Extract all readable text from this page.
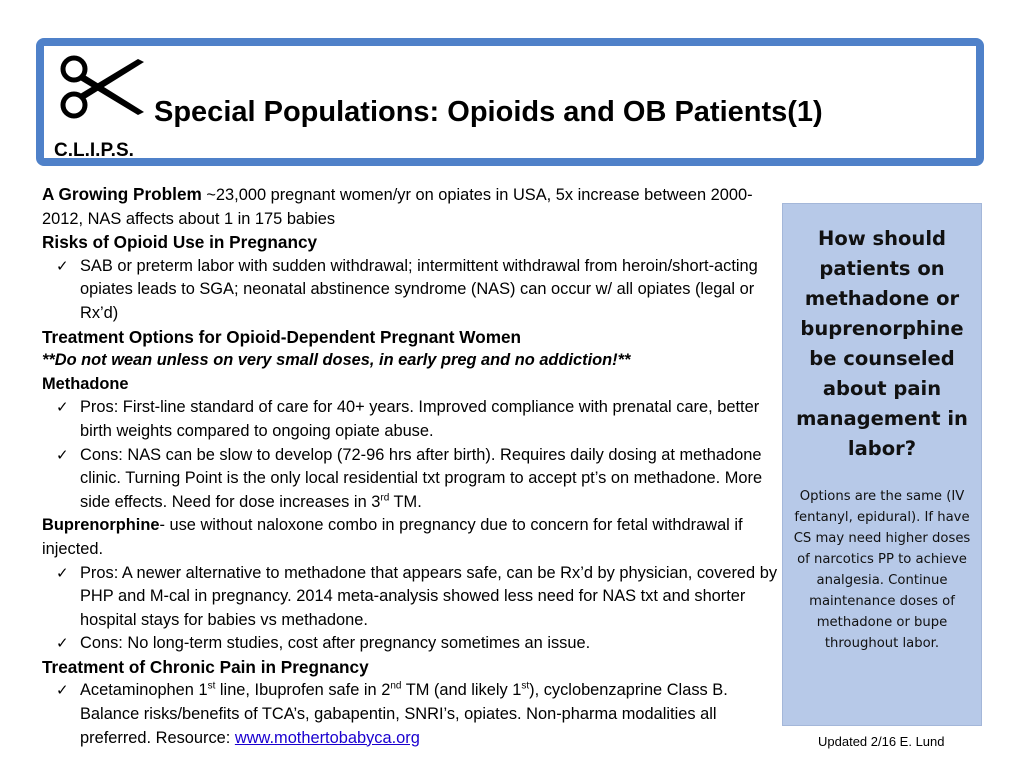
Special Populations: Opioids and OB Patients(1)
C.L.I.P.S.

A Growing Problem ~23,000 pregnant women/yr on opiates in USA, 5x increase between 2000-2012, NAS affects about 1 in 175 babies

Risks of Opioid Use in Pregnancy

✓ SAB or preterm labor with sudden withdrawal; intermittent withdrawal from heroin/short-acting opiates leads to SGA; neonatal abstinence syndrome (NAS) can occur w/ all opiates (legal or Rx’d)

Treatment Options for Opioid-Dependent Pregnant Women

**Do not wean unless on very small doses, in early preg and no addiction!**

Methadone

✓ Pros: First-line standard of care for 40+ years. Improved compliance with prenatal care, better birth weights compared to ongoing opiate abuse.
✓ Cons: NAS can be slow to develop (72-96 hrs after birth). Requires daily dosing at methadone clinic. Turning Point is the only local residential txt program to accept pt’s on methadone. More side effects. Need for dose increases in 3rd TM.

Buprenorphine- use without naloxone combo in pregnancy due to concern for fetal withdrawal if injected.

✓ Pros: A newer alternative to methadone that appears safe, can be Rx’d by physician, covered by PHP and M-cal in pregnancy. 2014 meta-analysis showed less need for NAS txt and shorter hospital stays for babies vs methadone.
✓ Cons: No long-term studies, cost after pregnancy sometimes an issue.

Treatment of Chronic Pain in Pregnancy

✓ Acetaminophen 1st line, Ibuprofen safe in 2nd TM (and likely 1st), cyclobenzaprine Class B. Balance risks/benefits of TCA’s, gabapentin, SNRI’s, opiates. Non-pharma modalities all preferred. Resource: www.mothertobabyca.org

How should patients on methadone or buprenorphine be counseled about pain management in labor?

Options are the same (IV fentanyl, epidural). If have CS may need higher doses of narcotics PP to achieve analgesia. Continue maintenance doses of methadone or bupe throughout labor.

Updated 2/16 E. Lund
